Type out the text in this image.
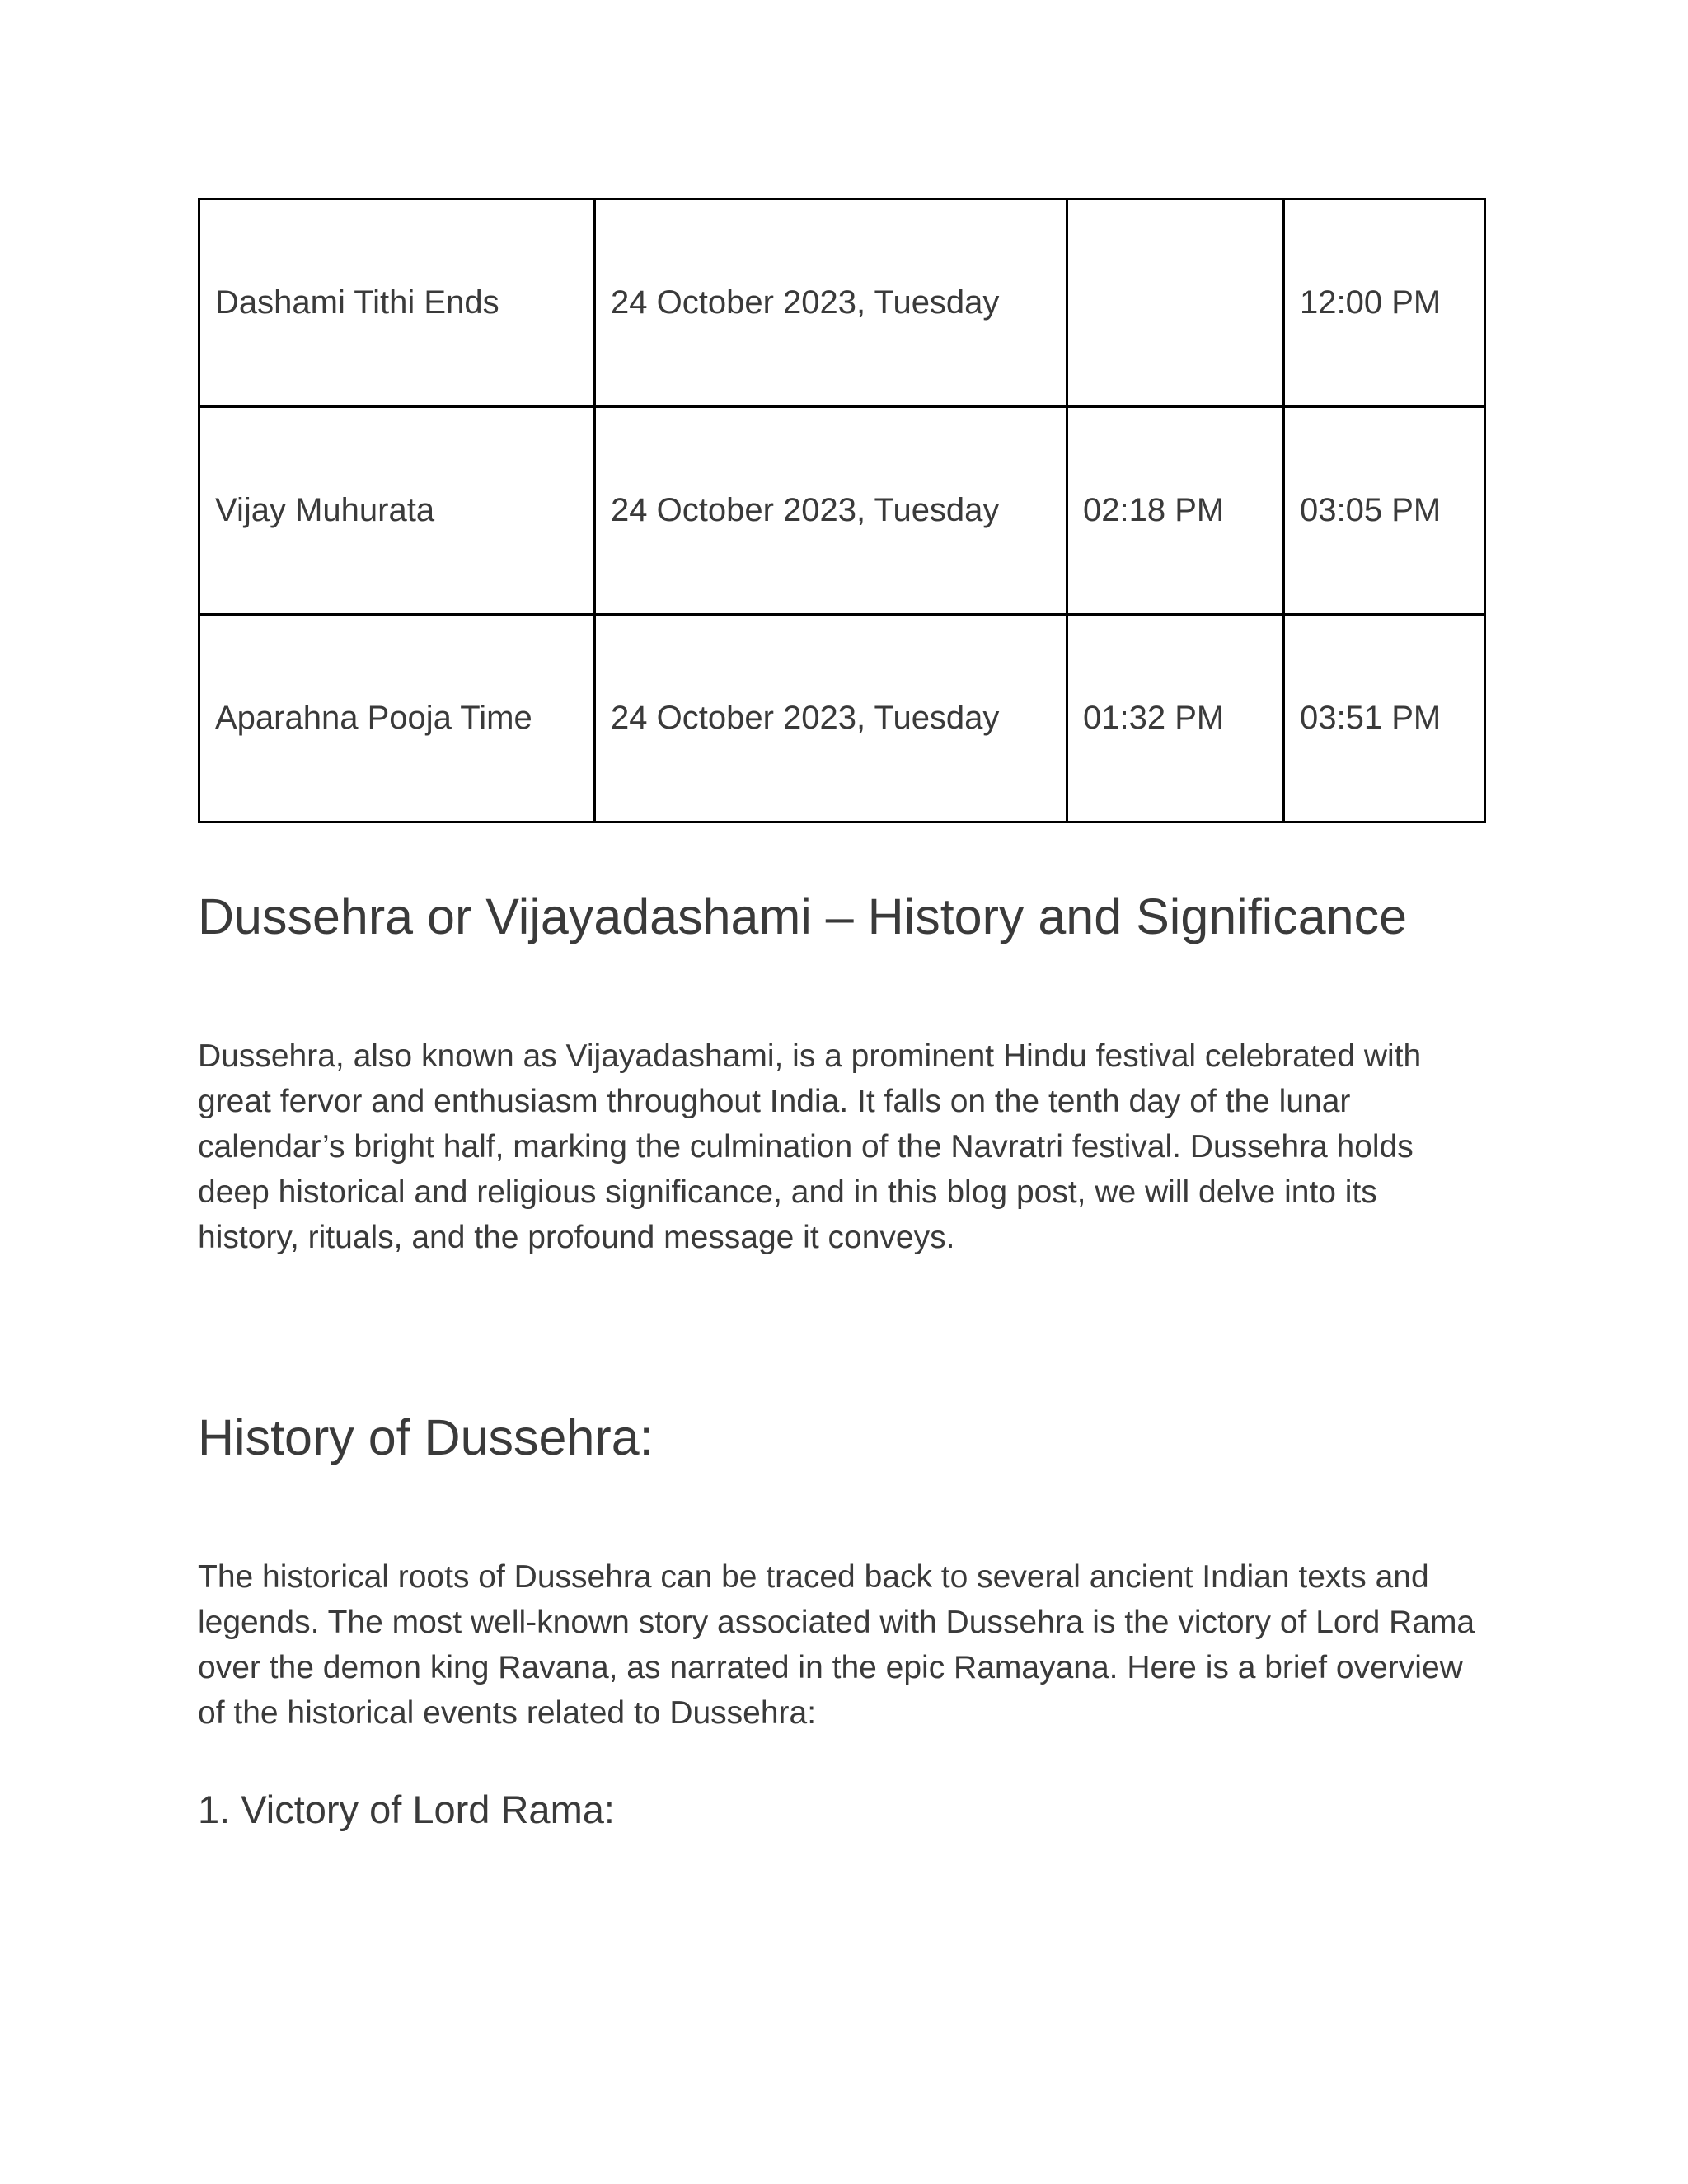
Dashami Tithi Ends	24 October 2023, Tuesday		12:00 PM
Vijay Muhurata	24 October 2023, Tuesday	02:18 PM	03:05 PM
Aparahna Pooja Time	24 October 2023, Tuesday	01:32 PM	03:51 PM
Dussehra or Vijayadashami – History and Significance

Dussehra, also known as Vijayadashami, is a prominent Hindu festival celebrated with great fervor and enthusiasm throughout India. It falls on the tenth day of the lunar calendar’s bright half, marking the culmination of the Navratri festival. Dussehra holds deep historical and religious significance, and in this blog post, we will delve into its history, rituals, and the profound message it conveys.

History of Dussehra:

The historical roots of Dussehra can be traced back to several ancient Indian texts and legends. The most well-known story associated with Dussehra is the victory of Lord Rama over the demon king Ravana, as narrated in the epic Ramayana. Here is a brief overview of the historical events related to Dussehra:

1. Victory of Lord Rama:
